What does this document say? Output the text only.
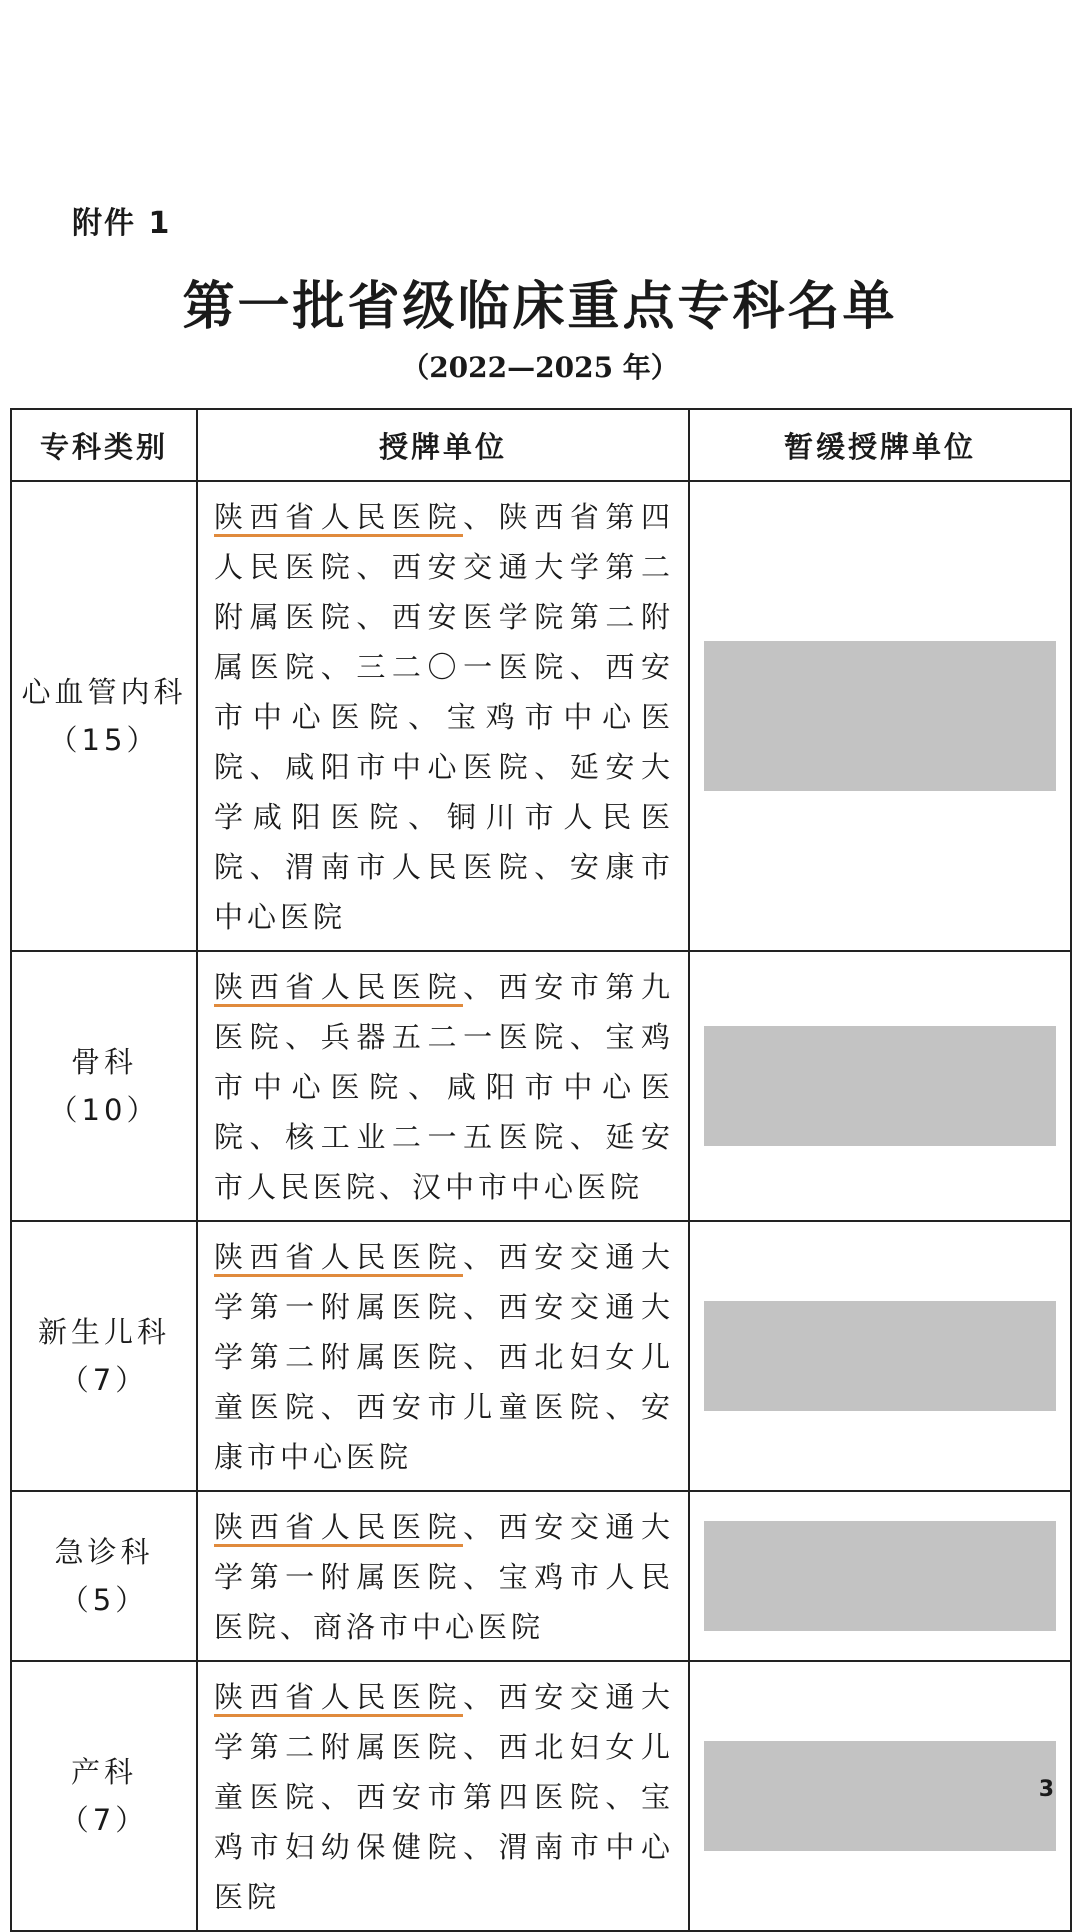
附件 1
第一批省级临床重点专科名单
（2022—2025 年）
专科类别	授牌单位	暂缓授牌单位

心血管内科
（15）	陕西省人民医院、陕西省第四人民医院、西安交通大学第二附属医院、西安医学院第二附属医院、三二〇一医院、西安市中心医院、宝鸡市中心医院、咸阳市中心医院、延安大学咸阳医院、铜川市人民医院、渭南市人民医院、安康市中心医院	

骨科
（10）	陕西省人民医院、西安市第九医院、兵器五二一医院、宝鸡市中心医院、咸阳市中心医院、核工业二一五医院、延安市人民医院、汉中市中心医院	

新生儿科
（7）	陕西省人民医院、西安交通大学第一附属医院、西安交通大学第二附属医院、西北妇女儿童医院、西安市儿童医院、安康市中心医院	

急诊科
（5）	陕西省人民医院、西安交通大学第一附属医院、宝鸡市人民医院、商洛市中心医院	

产科
（7）	陕西省人民医院、西安交通大学第二附属医院、西北妇女儿童医院、西安市第四医院、宝鸡市妇幼保健院、渭南市中心医院	
3
